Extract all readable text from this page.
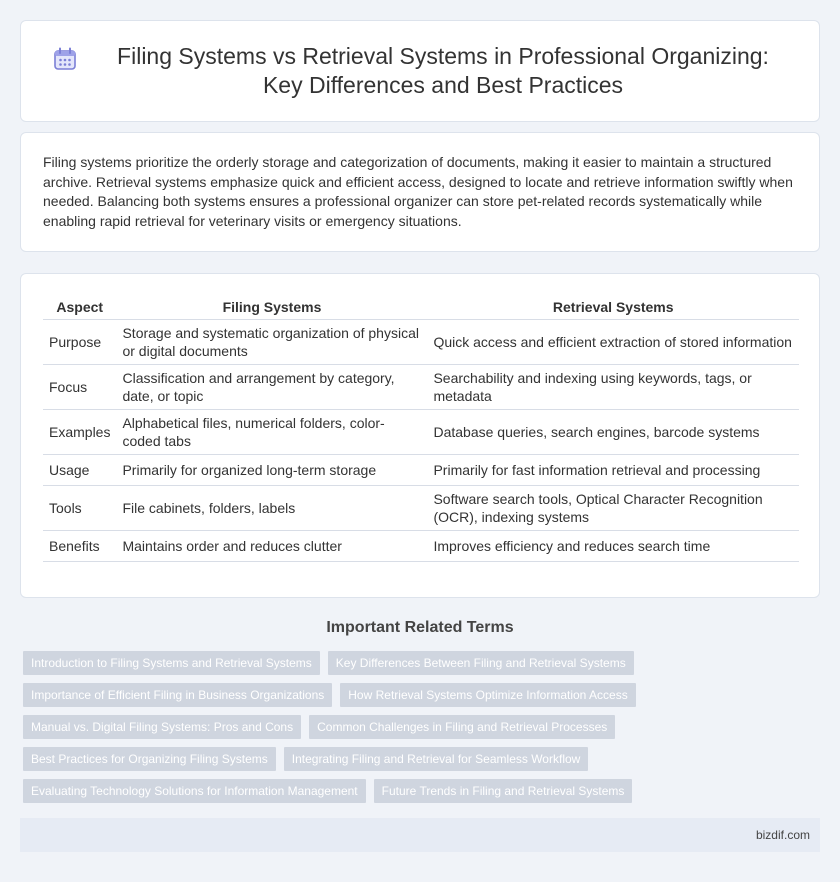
Filing Systems vs Retrieval Systems in Professional Organizing: Key Differences and Best Practices

Filing systems prioritize the orderly storage and categorization of documents, making it easier to maintain a structured archive. Retrieval systems emphasize quick and efficient access, designed to locate and retrieve information swiftly when needed. Balancing both systems ensures a professional organizer can store pet-related records systematically while enabling rapid retrieval for veterinary visits or emergency situations.

Aspect	Filing Systems	Retrieval Systems
Purpose	Storage and systematic organization of physical or digital documents	Quick access and efficient extraction of stored information
Focus	Classification and arrangement by category, date, or topic	Searchability and indexing using keywords, tags, or metadata
Examples	Alphabetical files, numerical folders, color-coded tabs	Database queries, search engines, barcode systems
Usage	Primarily for organized long-term storage	Primarily for fast information retrieval and processing
Tools	File cabinets, folders, labels	Software search tools, Optical Character Recognition (OCR), indexing systems
Benefits	Maintains order and reduces clutter	Improves efficiency and reduces search time
Important Related Terms
Introduction to Filing Systems and Retrieval Systems	Key Differences Between Filing and Retrieval Systems
Importance of Efficient Filing in Business Organizations	How Retrieval Systems Optimize Information Access
Manual vs. Digital Filing Systems: Pros and Cons	Common Challenges in Filing and Retrieval Processes
Best Practices for Organizing Filing Systems	Integrating Filing and Retrieval for Seamless Workflow
Evaluating Technology Solutions for Information Management	Future Trends in Filing and Retrieval Systems
bizdif.com
